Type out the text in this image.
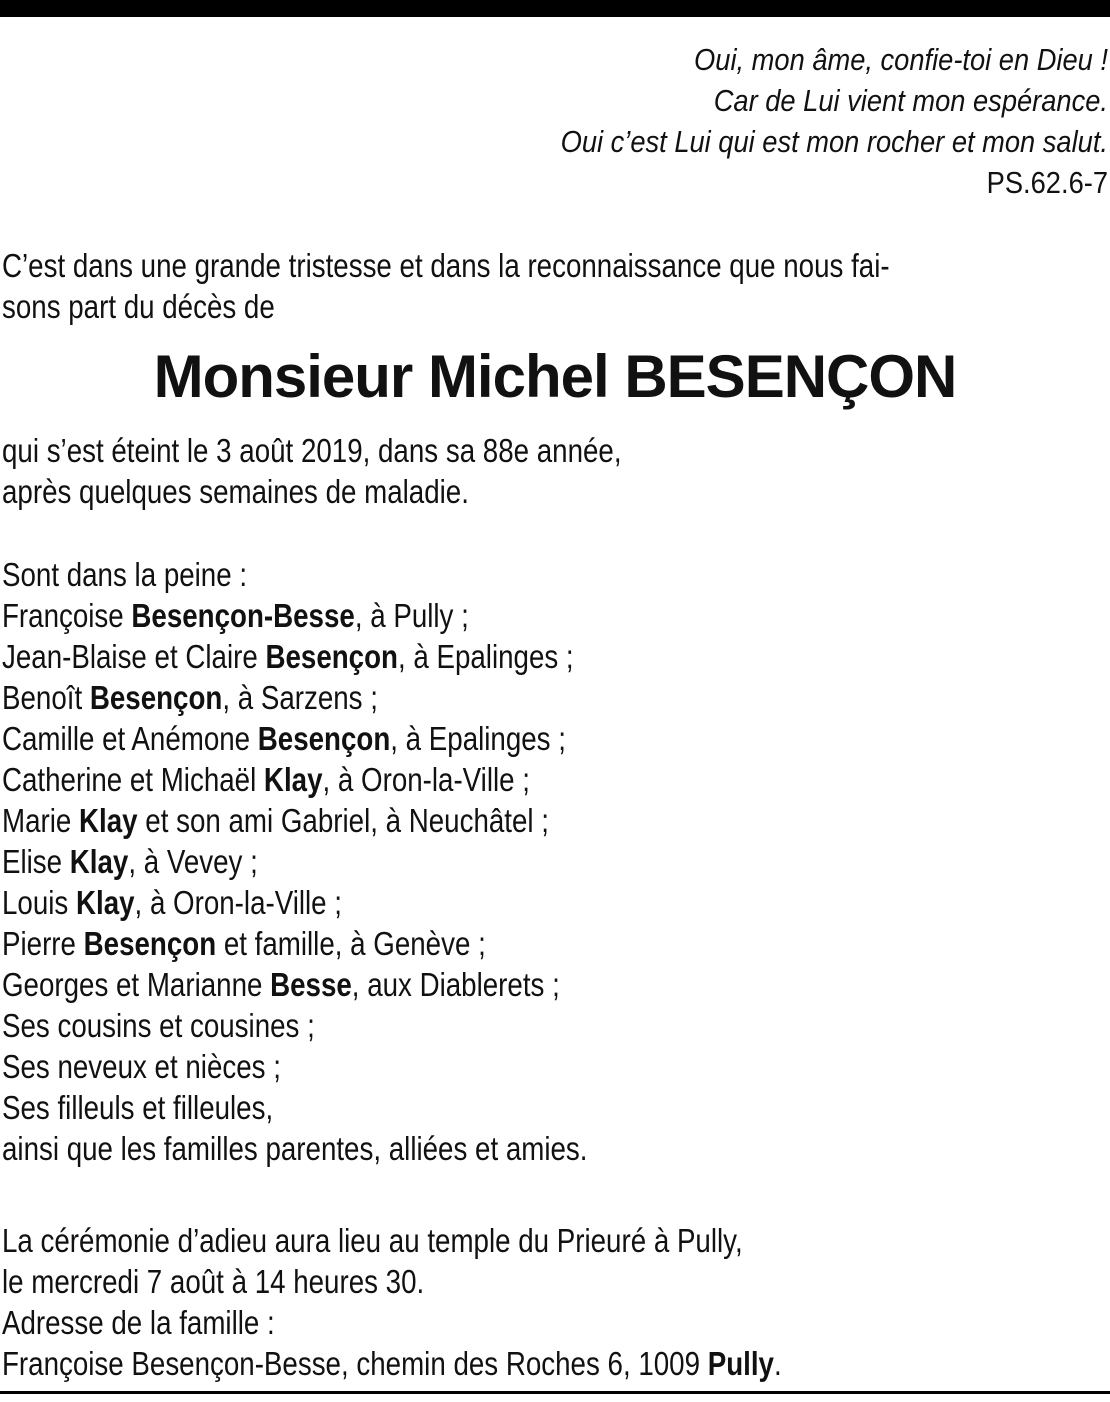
Oui, mon âme, confie-toi en Dieu !
Car de Lui vient mon espérance.
Oui c’est Lui qui est mon rocher et mon salut.
PS.62.6-7
C’est dans une grande tristesse et dans la reconnaissance que nous fai-
sons part du décès de
Monsieur Michel BESENÇON
qui s’est éteint le 3 août 2019, dans sa 88e année,
après quelques semaines de maladie.
Sont dans la peine :
Françoise Besençon-Besse, à Pully ;
Jean-Blaise et Claire Besençon, à Epalinges ;
Benoît Besençon, à Sarzens ;
Camille et Anémone Besençon, à Epalinges ;
Catherine et Michaël Klay, à Oron-la-Ville ;
Marie Klay et son ami Gabriel, à Neuchâtel ;
Elise Klay, à Vevey ;
Louis Klay, à Oron-la-Ville ;
Pierre Besençon et famille, à Genève ;
Georges et Marianne Besse, aux Diablerets ;
Ses cousins et cousines ;
Ses neveux et nièces ;
Ses filleuls et filleules,
ainsi que les familles parentes, alliées et amies.
La cérémonie d’adieu aura lieu au temple du Prieuré à Pully,
le mercredi 7 août à 14 heures 30.
Adresse de la famille :
Françoise Besençon-Besse, chemin des Roches 6, 1009 Pully.
